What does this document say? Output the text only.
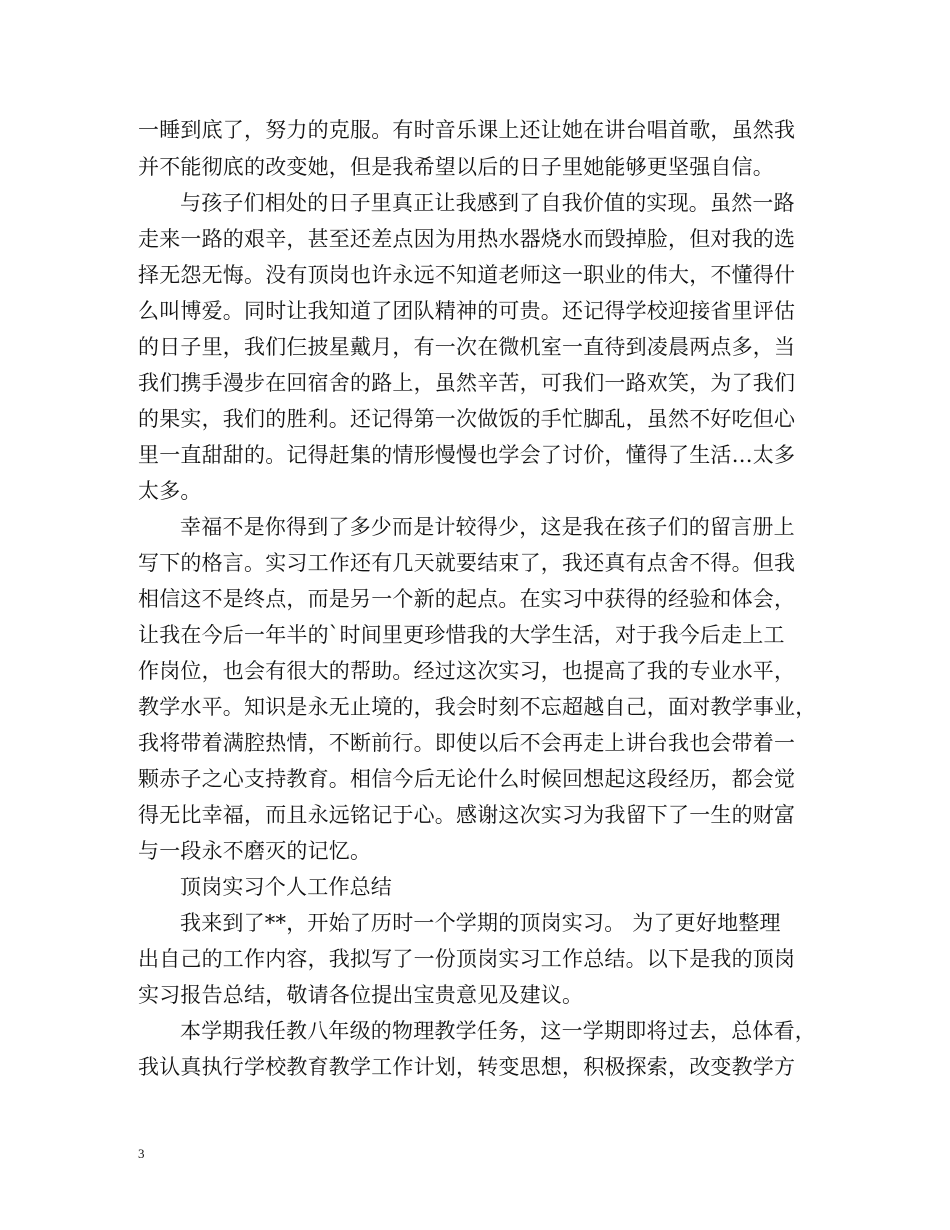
一睡到底了，努力的克服。有时音乐课上还让她在讲台唱首歌，虽然我
并不能彻底的改变她，但是我希望以后的日子里她能够更坚强自信。
与孩子们相处的日子里真正让我感到了自我价值的实现。虽然一路
走来一路的艰辛，甚至还差点因为用热水器烧水而毁掉脸，但对我的选
择无怨无悔。没有顶岗也许永远不知道老师这一职业的伟大，不懂得什
么叫博爱。同时让我知道了团队精神的可贵。还记得学校迎接省里评估
的日子里，我们仨披星戴月，有一次在微机室一直待到凌晨两点多，当
我们携手漫步在回宿舍的路上，虽然辛苦，可我们一路欢笑，为了我们
的果实，我们的胜利。还记得第一次做饭的手忙脚乱，虽然不好吃但心
里一直甜甜的。记得赶集的情形慢慢也学会了讨价，懂得了生活…太多
太多。
幸福不是你得到了多少而是计较得少，这是我在孩子们的留言册上
写下的格言。实习工作还有几天就要结束了，我还真有点舍不得。但我
相信这不是终点，而是另一个新的起点。在实习中获得的经验和体会，
让我在今后一年半的`时间里更珍惜我的大学生活，对于我今后走上工
作岗位，也会有很大的帮助。经过这次实习，也提高了我的专业水平，
教学水平。知识是永无止境的，我会时刻不忘超越自己，面对教学事业，
我将带着满腔热情，不断前行。即使以后不会再走上讲台我也会带着一
颗赤子之心支持教育。相信今后无论什么时候回想起这段经历，都会觉
得无比幸福，而且永远铭记于心。感谢这次实习为我留下了一生的财富
与一段永不磨灭的记忆。
顶岗实习个人工作总结
我来到了**，开始了历时一个学期的顶岗实习。 为了更好地整理
出自己的工作内容，我拟写了一份顶岗实习工作总结。以下是我的顶岗
实习报告总结，敬请各位提出宝贵意见及建议。
本学期我任教八年级的物理教学任务，这一学期即将过去，总体看，
我认真执行学校教育教学工作计划，转变思想，积极探索，改变教学方
3
